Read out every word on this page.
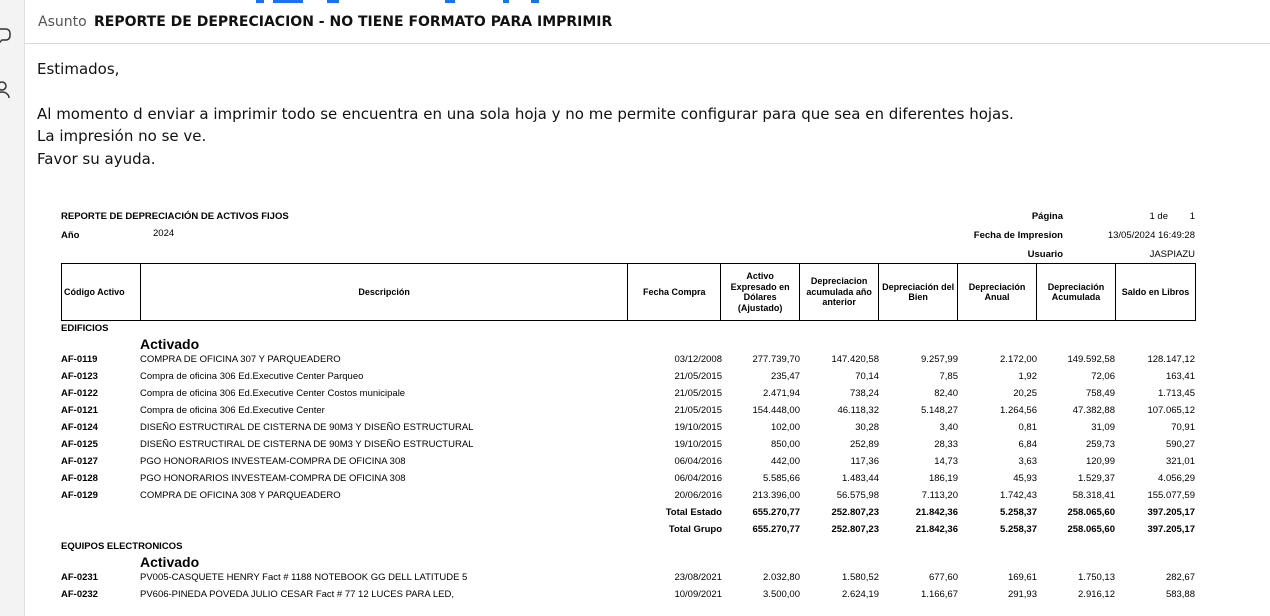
Asunto REPORTE DE DEPRECIACION - NO TIENE FORMATO PARA IMPRIMIR
Estimados,
Al momento d enviar a imprimir todo se encuentra en una sola hoja y no me permite configurar para que sea en diferentes hojas.
La impresión no se ve.
Favor su ayuda.
REPORTE DE DEPRECIACIÓN DE ACTIVOS FIJOS
Año	2024
Página	1 de	1
Fecha de Impresion	13/05/2024 16:49:28
Usuario	JASPIAZU
Código Activo	Descripción	Fecha Compra	Activo Expresado en Dólares (Ajustado)	Depreciacion acumulada año anterior	Depreciación del Bien	Depreciación Anual	Depreciación Acumulada	Saldo en Libros
EDIFICIOS
Activado
AF-0119	COMPRA DE OFICINA 307 Y PARQUEADERO	03/12/2008	277.739,70	147.420,58	9.257,99	2.172,00	149.592,58	128.147,12
AF-0123	Compra de oficina 306 Ed.Executive Center Parqueo	21/05/2015	235,47	70,14	7,85	1,92	72,06	163,41
AF-0122	Compra de oficina 306 Ed.Executive Center Costos municipale	21/05/2015	2.471,94	738,24	82,40	20,25	758,49	1.713,45
AF-0121	Compra de oficina 306 Ed.Executive Center	21/05/2015	154.448,00	46.118,32	5.148,27	1.264,56	47.382,88	107.065,12
AF-0124	DISEÑO ESTRUCTIRAL DE CISTERNA DE 90M3 Y DISEÑO ESTRUCTURAL	19/10/2015	102,00	30,28	3,40	0,81	31,09	70,91
AF-0125	DISEÑO ESTRUCTIRAL DE CISTERNA DE 90M3 Y DISEÑO ESTRUCTURAL	19/10/2015	850,00	252,89	28,33	6,84	259,73	590,27
AF-0127	PGO HONORARIOS INVESTEAM-COMPRA DE OFICINA 308	06/04/2016	442,00	117,36	14,73	3,63	120,99	321,01
AF-0128	PGO HONORARIOS INVESTEAM-COMPRA DE OFICINA 308	06/04/2016	5.585,66	1.483,44	186,19	45,93	1.529,37	4.056,29
AF-0129	COMPRA DE OFICINA 308 Y PARQUEADERO	20/06/2016	213.396,00	56.575,98	7.113,20	1.742,43	58.318,41	155.077,59
Total Estado	655.270,77	252.807,23	21.842,36	5.258,37	258.065,60	397.205,17
Total Grupo	655.270,77	252.807,23	21.842,36	5.258,37	258.065,60	397.205,17
EQUIPOS ELECTRONICOS
Activado
AF-0231	PV005-CASQUETE HENRY Fact # 1188 NOTEBOOK GG DELL LATITUDE 5	23/08/2021	2.032,80	1.580,52	677,60	169,61	1.750,13	282,67
AF-0232	PV606-PINEDA POVEDA JULIO CESAR Fact # 77 12 LUCES PARA LED,	10/09/2021	3.500,00	2.624,19	1.166,67	291,93	2.916,12	583,88
